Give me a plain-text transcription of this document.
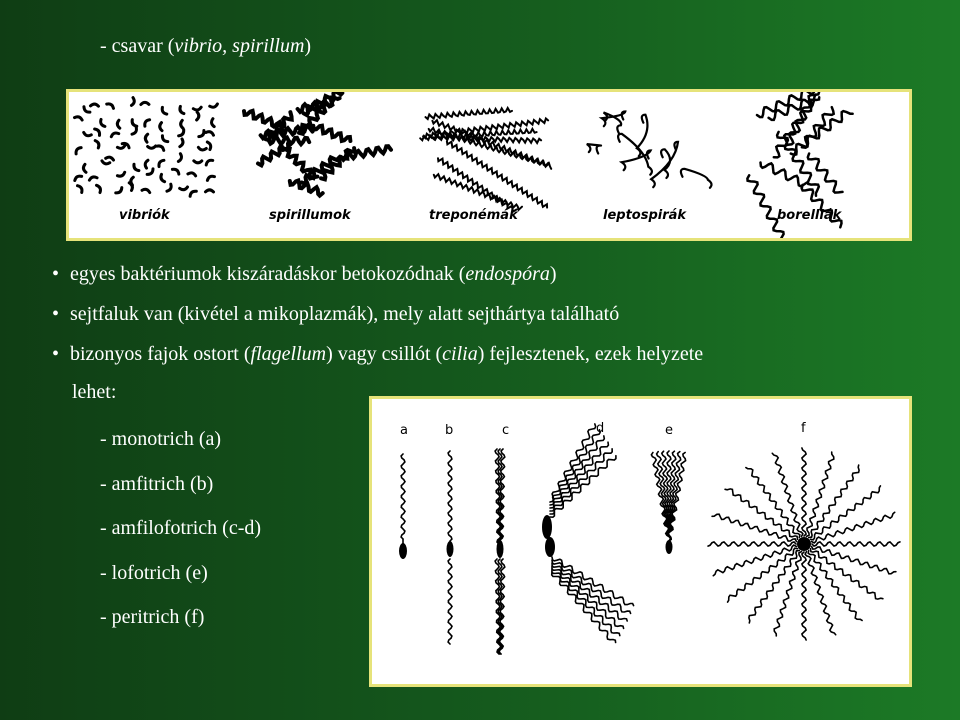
- csavar (vibrio, spirillum)
vibriók	spirillumok	treponémák	leptospirák	borelliák
• egyes baktériumok kiszáradáskor betokozódnak (endospóra)
• sejtfaluk van (kivétel a mikoplazmák), mely alatt sejthártya található
• bizonyos fajok ostort (flagellum) vagy csillót (cilia) fejlesztenek, ezek helyzete
lehet:
- monotrich (a)
- amfitrich (b)
- amfilofotrich (c-d)
- lofotrich (e)
- peritrich (f)
a	b	c	d	e	f
